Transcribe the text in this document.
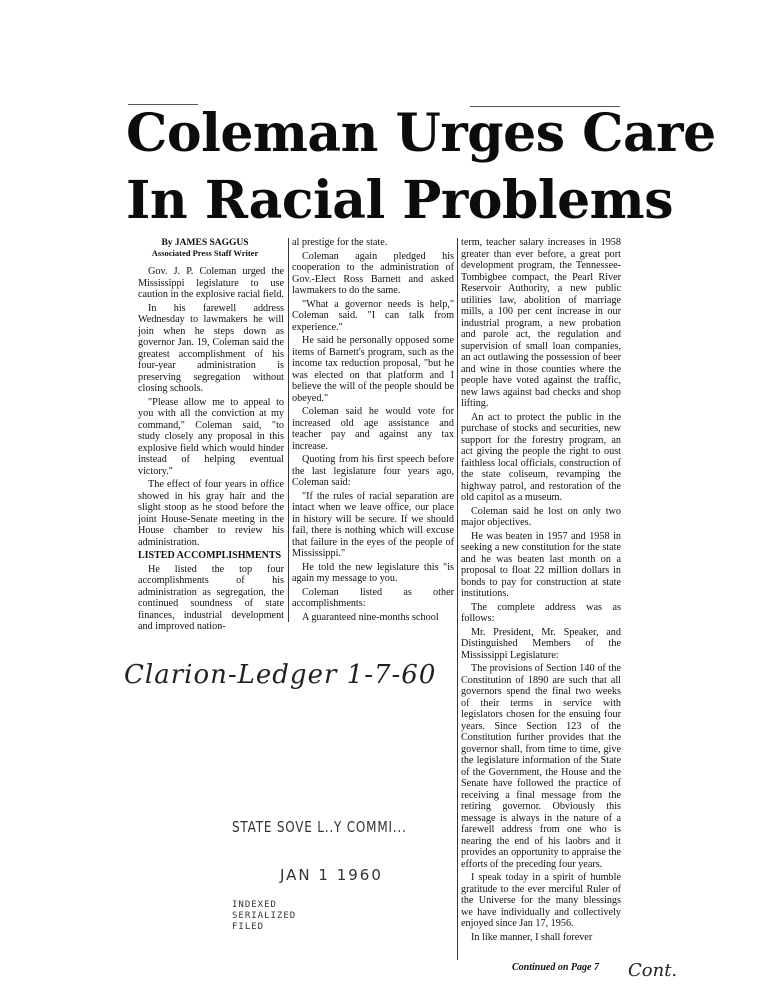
Coleman Urges Care
In Racial Problems
By JAMES SAGGUS
Associated Press Staff Writer

Gov. J. P. Coleman urged the Mississippi legislature to use caution in the explosive racial field.

In his farewell address Wednesday to lawmakers he will join when he steps down as governor Jan. 19, Coleman said the greatest accomplishment of his four-year administration is preserving segregation without closing schools.

"Please allow me to appeal to you with all the conviction at my command," Coleman said, "to study closely any proposal in this explosive field which would hinder instead of helping eventual victory."

The effect of four years in office showed in his gray hair and the slight stoop as he stood before the joint House-Senate meeting in the House chamber to review his administration.

LISTED ACCOMPLISHMENTS

He listed the top four accomplishments of his administration as segregation, the continued soundness of state finances, industrial development and improved nation-

al prestige for the state.

Coleman again pledged his cooperation to the administration of Gov.-Elect Ross Barnett and asked lawmakers to do the same.

"What a governor needs is help," Coleman said. "I can talk from experience."

He said he personally opposed some items of Barnett's program, such as the income tax reduction proposal, "but he was elected on that platform and I believe the will of the people should be obeyed."

Coleman said he would vote for increased old age assistance and teacher pay and against any tax increase.

Quoting from his first speech before the last legislature four years ago, Coleman said:

"If the rules of racial separation are intact when we leave office, our place in history will be secure. If we should fail, there is nothing which will excuse that failure in the eyes of the people of Mississippi."

He told the new legislature this "is again my message to you.

Coleman listed as other accomplishments:

A guaranteed nine-months school

term, teacher salary increases in 1958 greater than ever before, a great port development program, the Tennessee-Tombigbee compact, the Pearl River Reservoir Authority, a new public utilities law, abolition of marriage mills, a 100 per cent increase in our industrial program, a new probation and parole act, the regulation and supervision of small loan companies, an act outlawing the possession of beer and wine in those counties where the people have voted against the traffic, new laws against bad checks and shop lifting.

An act to protect the public in the purchase of stocks and securities, new support for the forestry program, an act giving the people the right to oust faithless local officials, construction of the state coliseum, revamping the highway patrol, and restoration of the old capitol as a museum.

Coleman said he lost on only two major objectives.

He was beaten in 1957 and 1958 in seeking a new constitution for the state and he was beaten last month on a proposal to float 22 million dollars in bonds to pay for construction at state institutions.

The complete address was as follows:

Mr. President, Mr. Speaker, and Distinguished Members of the Mississippi Legislature:

The provisions of Section 140 of the Constitution of 1890 are such that all governors spend the final two weeks of their terms in service with legislators chosen for the ensuing four years. Since Section 123 of the Constitution further provides that the governor shall, from time to time, give the legislature information of the State of the Government, the House and the Senate have followed the practice of receiving a final message from the retiring governor. Obviously this message is always in the nature of a farewell address from one who is nearing the end of his laobrs and it provides an opportunity to appraise the efforts of the preceding four years.

I speak today in a spirit of humble gratitude to the ever merciful Ruler of the Universe for the many blessings we have individually and collectively enjoyed since Jan 17, 1956.

In like manner, I shall forever

Continued on Page 7
Clarion-Ledger 1-7-60
Cont.
STATE SOVE L..Y COMMI...
JAN 1 1960
INDEXED
SERIALIZED
FILED
